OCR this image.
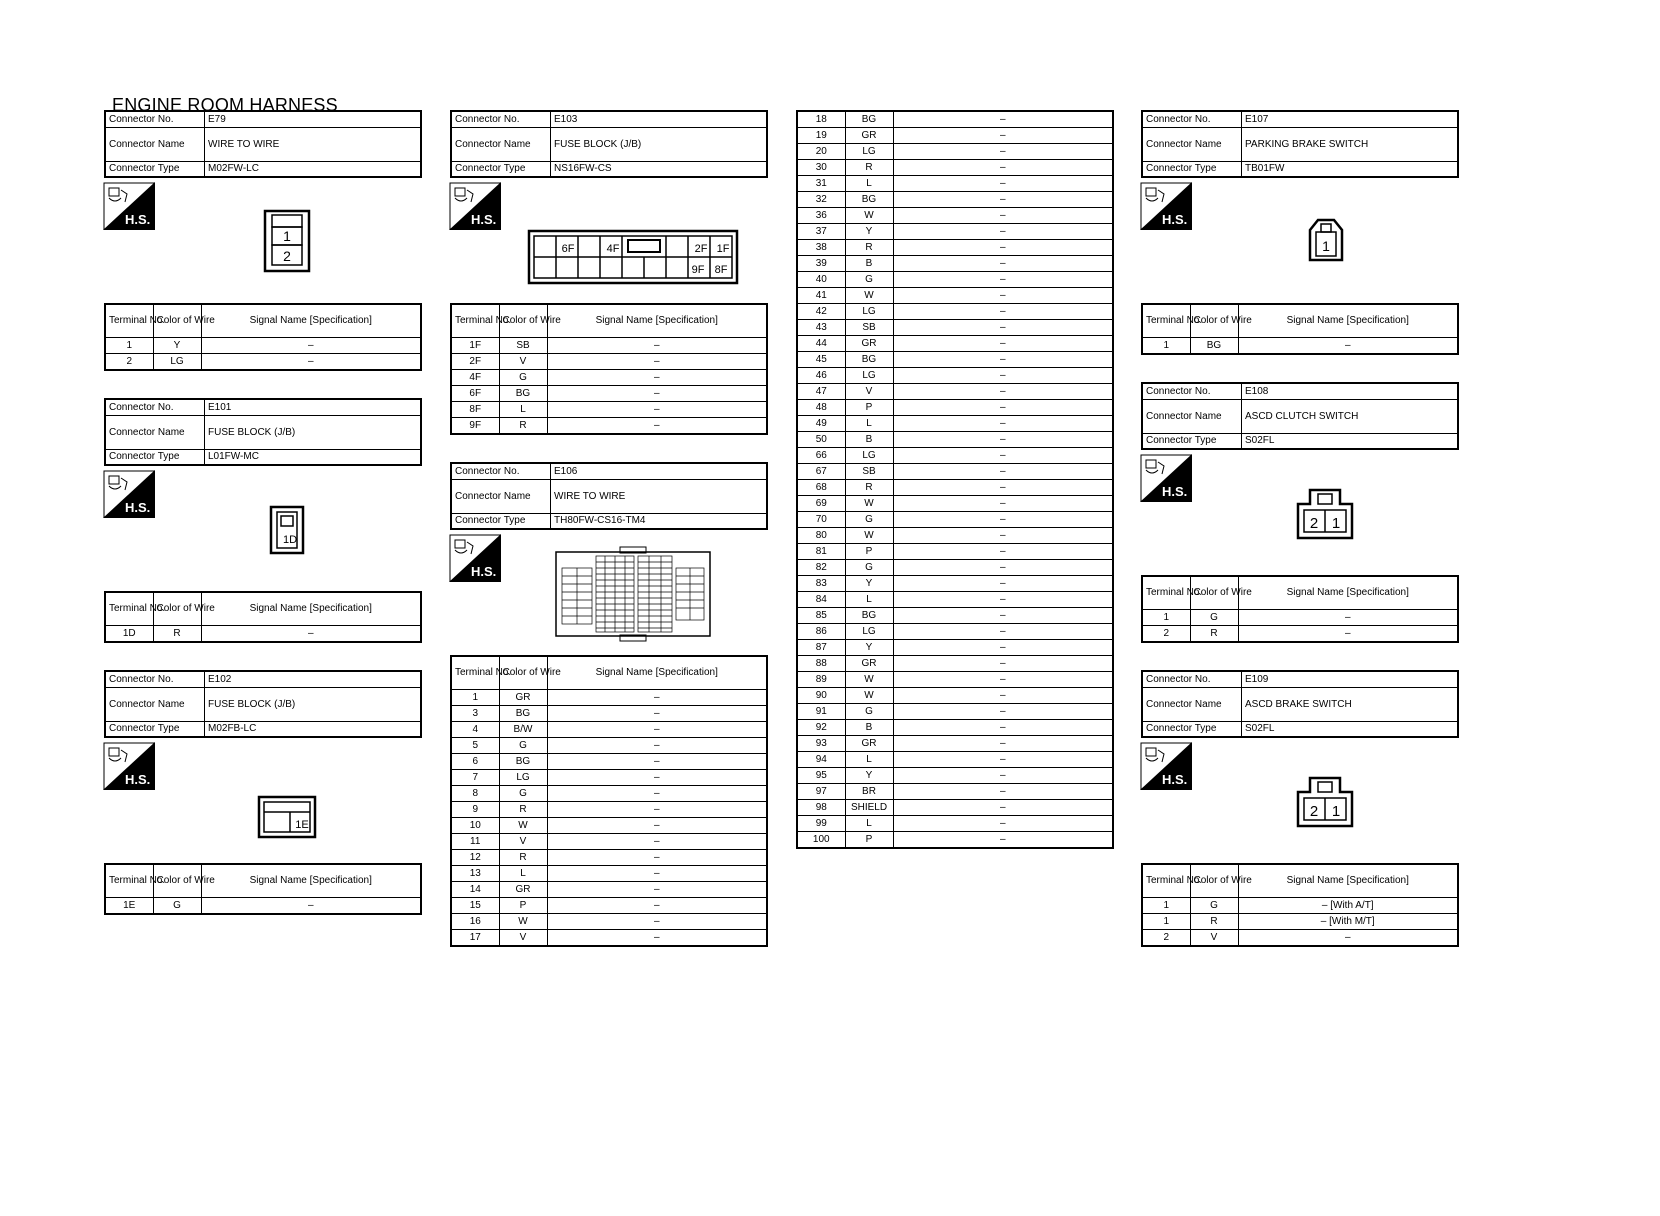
ENGINE ROOM HARNESS
Connector No.	E79
Connector Name	WIRE TO WIRE
Connector Type	M02FW-LC
H.S.
1
2
Terminal No.	Color of Wire	Signal Name [Specification]
1	Y	–
2	LG	–
Connector No.	E101
Connector Name	FUSE BLOCK (J/B)
Connector Type	L01FW-MC
H.S.
1D
Terminal No.	Color of Wire	Signal Name [Specification]
1D	R	–
Connector No.	E102
Connector Name	FUSE BLOCK (J/B)
Connector Type	M02FB-LC
H.S.
1E
Terminal No.	Color of Wire	Signal Name [Specification]
1E	G	–
Connector No.	E103
Connector Name	FUSE BLOCK (J/B)
Connector Type	NS16FW-CS
H.S.
6F	4F	2F 1F
9F 8F
Terminal No.	Color of Wire	Signal Name [Specification]
1F	SB	–
2F	V	–
4F	G	–
6F	BG	–
8F	L	–
9F	R	–
Connector No.	E106
Connector Name	WIRE TO WIRE
Connector Type	TH80FW-CS16-TM4
H.S.
Terminal No.	Color of Wire	Signal Name [Specification]
1	GR	–
3	BG	–
4	B/W	–
5	G	–
6	BG	–
7	LG	–
8	G	–
9	R	–
10	W	–
11	V	–
12	R	–
13	L	–
14	GR	–
15	P	–
16	W	–
17	V	–
18	BG	–
19	GR	–
20	LG	–
30	R	–
31	L	–
32	BG	–
36	W	–
37	Y	–
38	R	–
39	B	–
40	G	–
41	W	–
42	LG	–
43	SB	–
44	GR	–
45	BG	–
46	LG	–
47	V	–
48	P	–
49	L	–
50	B	–
66	LG	–
67	SB	–
68	R	–
69	W	–
70	G	–
80	W	–
81	P	–
82	G	–
83	Y	–
84	L	–
85	BG	–
86	LG	–
87	Y	–
88	GR	–
89	W	–
90	W	–
91	G	–
92	B	–
93	GR	–
94	L	–
95	Y	–
97	BR	–
98	SHIELD	–
99	L	–
100	P	–
Connector No.	E107
Connector Name	PARKING BRAKE SWITCH
Connector Type	TB01FW
H.S.
1
Terminal No.	Color of Wire	Signal Name [Specification]
1	BG	–
Connector No.	E108
Connector Name	ASCD CLUTCH SWITCH
Connector Type	S02FL
H.S.
2 1
Terminal No.	Color of Wire	Signal Name [Specification]
1	G	–
2	R	–
Connector No.	E109
Connector Name	ASCD BRAKE SWITCH
Connector Type	S02FL
H.S.
2 1
Terminal No.	Color of Wire	Signal Name [Specification]
1	G	– [With A/T]
1	R	– [With M/T]
2	V	–
